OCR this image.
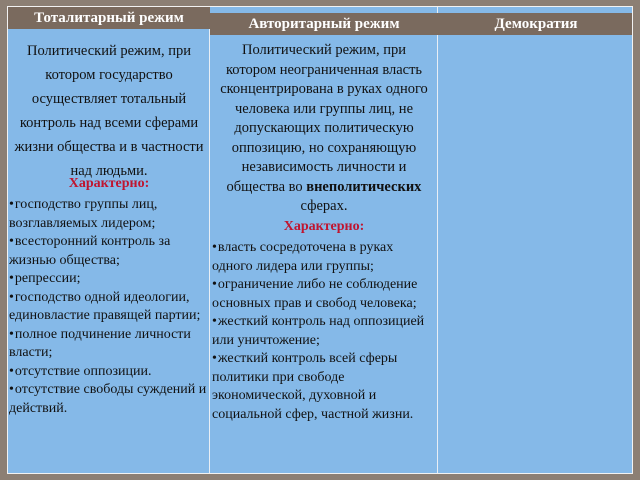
Тоталитарный режим	Авторитарный режим	Демократия
Политический режим, при котором государство осуществляет тотальный контроль над всеми сферами жизни общества и в частности над людьми.
Политический режим, при котором неограниченная власть сконцентрирована в руках одного человека или группы лиц, не допускающих политическую оппозицию, но сохраняющую независимость личности и общества во внеполитических сферах.
Характерно:
Характерно:
•господство группы лиц, возглавляемых лидером;
•всесторонний контроль за жизнью общества;
•репрессии;
•господство одной идеологии, единовластие правящей партии;
•полное подчинение личности власти;
•отсутствие оппозиции.
•отсутствие свободы суждений и действий.
•власть сосредоточена в руках одного лидера или группы;
•ограничение либо не соблюдение основных прав и свобод человека;
•жесткий контроль над оппозицией или уничтожение;
•жесткий контроль всей сферы политики при свободе экономической, духовной и социальной сфер, частной жизни.
